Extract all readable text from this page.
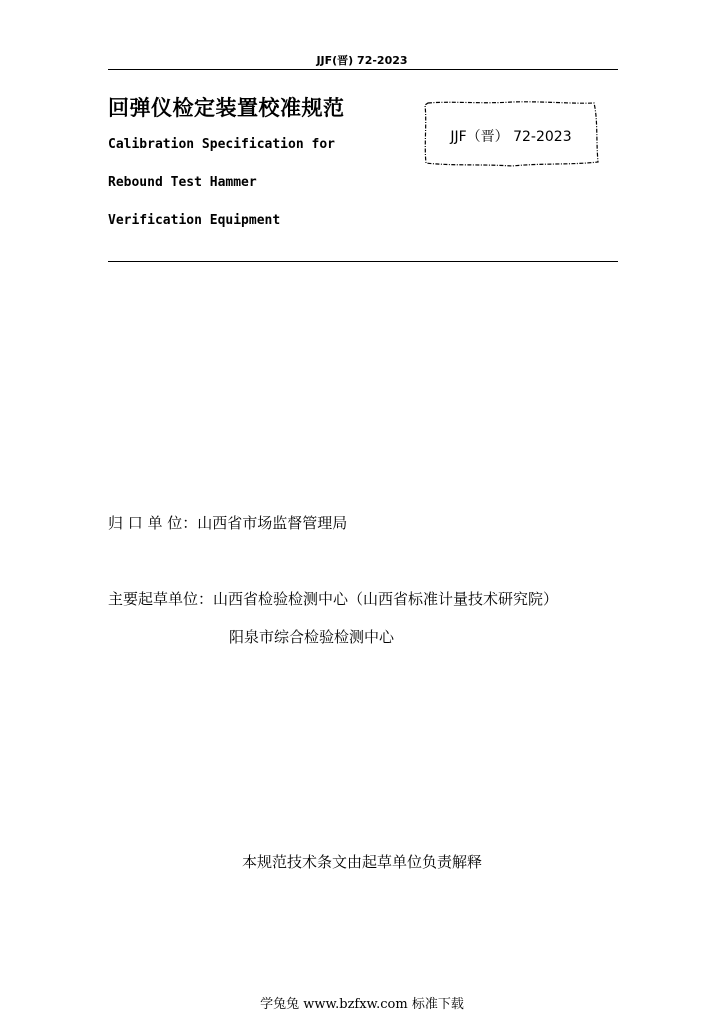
JJF(晋) 72-2023
回弹仪检定装置校准规范
Calibration Specification for
Rebound Test Hammer
Verification Equipment
JJF（晋） 72-2023
归 口 单 位：山西省市场监督管理局
主要起草单位：山西省检验检测中心（山西省标准计量技术研究院）
阳泉市综合检验检测中心
本规范技术条文由起草单位负责解释
学兔兔 www.bzfxw.com 标准下载
